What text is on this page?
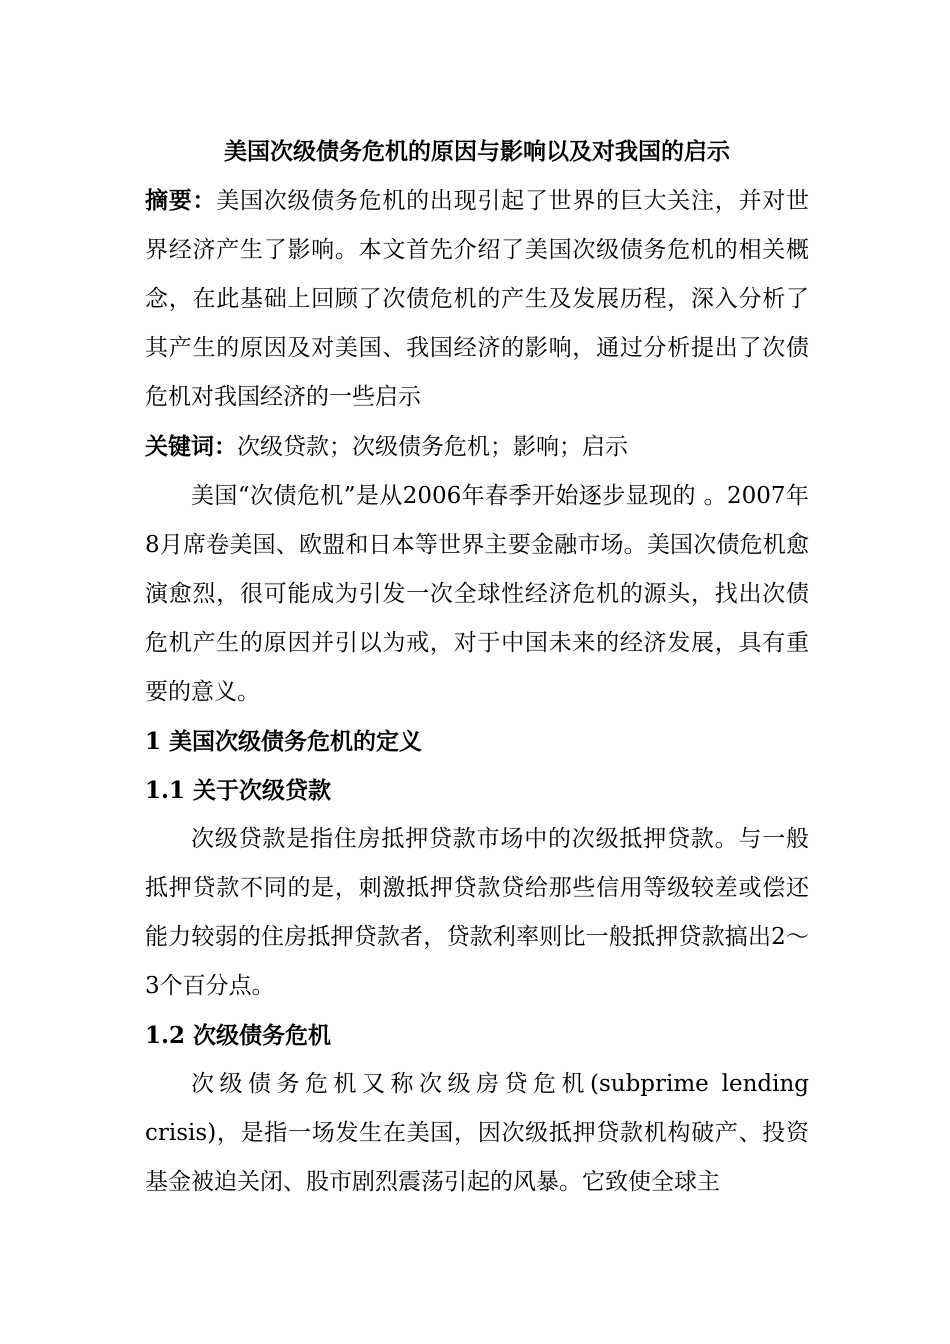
美国次级债务危机的原因与影响以及对我国的启示

摘要：美国次级债务危机的出现引起了世界的巨大关注，并对世界经济产生了影响。本文首先介绍了美国次级债务危机的相关概念，在此基础上回顾了次债危机的产生及发展历程，深入分析了其产生的原因及对美国、我国经济的影响，通过分析提出了次债危机对我国经济的一些启示

关键词：次级贷款；次级债务危机；影响；启示

美国“次债危机”是从2006年春季开始逐步显现的 。2007年8月席卷美国、欧盟和日本等世界主要金融市场。美国次债危机愈演愈烈，很可能成为引发一次全球性经济危机的源头，找出次债危机产生的原因并引以为戒，对于中国未来的经济发展，具有重要的意义。

1 美国次级债务危机的定义

1.1 关于次级贷款

次级贷款是指住房抵押贷款市场中的次级抵押贷款。与一般抵押贷款不同的是，刺激抵押贷款贷给那些信用等级较差或偿还能力较弱的住房抵押贷款者，贷款利率则比一般抵押贷款搞出2～3个百分点。

1.2 次级债务危机

次级债务危机又称次级房贷危机(subprime lending crisis)，是指一场发生在美国，因次级抵押贷款机构破产、投资基金被迫关闭、股市剧烈震荡引起的风暴。它致使全球主
